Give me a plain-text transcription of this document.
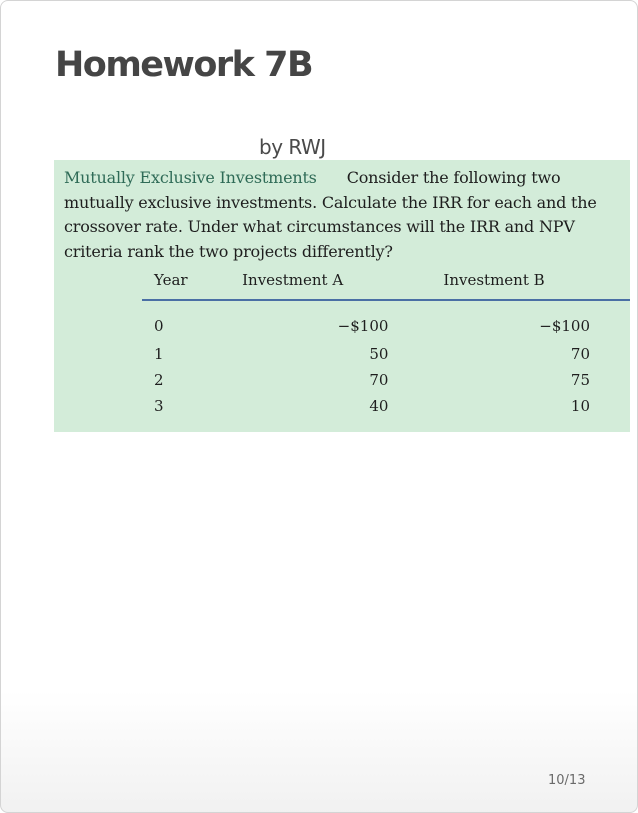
Homework 7B
by RWJ
Mutually Exclusive Investments Consider the following two mutually exclusive investments. Calculate the IRR for each and the crossover rate. Under what circumstances will the IRR and NPV criteria rank the two projects differently?
Year	Investment A	Investment B
0	−$100	−$100
1	50	70
2	70	75
3	40	10
10/13
